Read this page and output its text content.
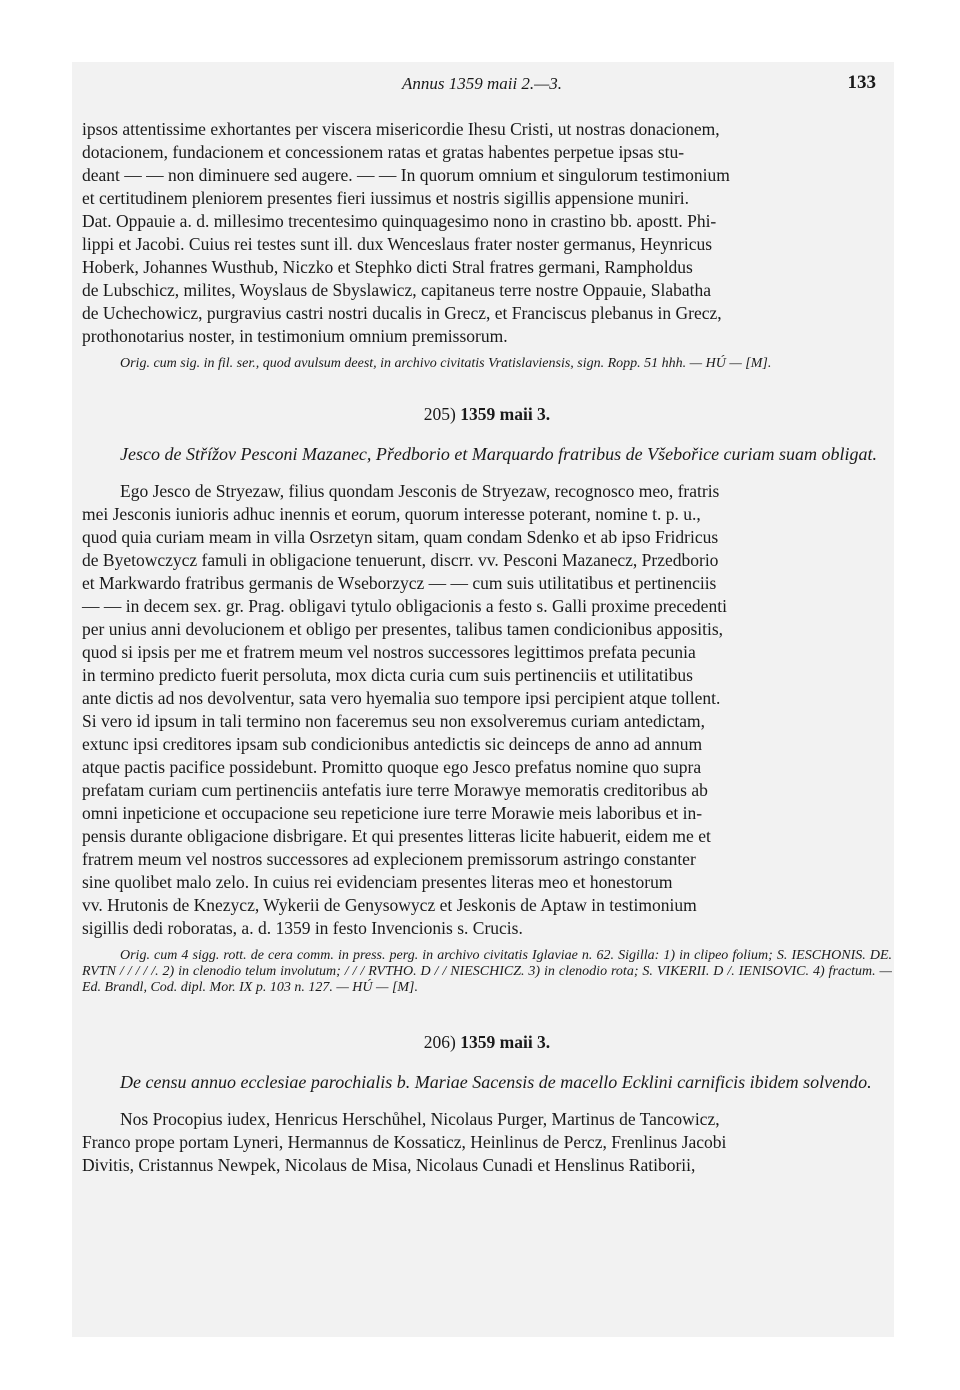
Annus 1359 maii 2.—3.	133

ipsos attentissime exhortantes per viscera misericordie Ihesu Cristi, ut nostras donacionem,

dotacionem, fundacionem et concessionem ratas et gratas habentes perpetue ipsas stu-

deant — — non diminuere sed augere. — — In quorum omnium et singulorum testimonium

et certitudinem pleniorem presentes fieri iussimus et nostris sigillis appensione muniri.

Dat. Oppauie a. d. millesimo trecentesimo quinquagesimo nono in crastino bb. apostt. Phi-

lippi et Jacobi. Cuius rei testes sunt ill. dux Wenceslaus frater noster germanus, Heynricus

Hoberk, Johannes Wusthub, Niczko et Stephko dicti Stral fratres germani, Rampholdus

de Lubschicz, milites, Woyslaus de Sbyslawicz, capitaneus terre nostre Oppauie, Slabatha

de Uchechowicz, purgravius castri nostri ducalis in Grecz, et Franciscus plebanus in Grecz,

prothonotarius noster, in testimonium omnium premissorum.

Orig. cum sig. in fil. ser., quod avulsum deest, in archivo civitatis Vratislaviensis, sign. Ropp. 51 hhh. — HÚ — [M].

205) 1359 maii 3.

Jesco de Střížov Pesconi Mazanec, Předborio et Marquardo fratribus de Všebořice curiam suam obligat.

Ego Jesco de Stryezaw, filius quondam Jesconis de Stryezaw, recognosco meo, fratris

mei Jesconis iunioris adhuc inennis et eorum, quorum interesse poterant, nomine t. p. u.,

quod quia curiam meam in villa Osrzetyn sitam, quam condam Sdenko et ab ipso Fridricus

de Byetowczycz famuli in obligacione tenuerunt, discrr. vv. Pesconi Mazanecz, Przedborio

et Markwardo fratribus germanis de Wseborzycz — — cum suis utilitatibus et pertinenciis

— — in decem sex. gr. Prag. obligavi tytulo obligacionis a festo s. Galli proxime precedenti

per unius anni devolucionem et obligo per presentes, talibus tamen condicionibus appositis,

quod si ipsis per me et fratrem meum vel nostros successores legittimos prefata pecunia

in termino predicto fuerit persoluta, mox dicta curia cum suis pertinenciis et utilitatibus

ante dictis ad nos devolventur, sata vero hyemalia suo tempore ipsi percipient atque tollent.

Si vero id ipsum in tali termino non faceremus seu non exsolveremus curiam antedictam,

extunc ipsi creditores ipsam sub condicionibus antedictis sic deinceps de anno ad annum

atque pactis pacifice possidebunt. Promitto quoque ego Jesco prefatus nomine quo supra

prefatam curiam cum pertinenciis antefatis iure terre Morawye memoratis creditoribus ab

omni inpeticione et occupacione seu repeticione iure terre Morawie meis laboribus et in-

pensis durante obligacione disbrigare. Et qui presentes litteras licite habuerit, eidem me et

fratrem meum vel nostros successores ad explecionem premissorum astringo constanter

sine quolibet malo zelo. In cuius rei evidenciam presentes literas meo et honestorum

vv. Hrutonis de Knezycz, Wykerii de Genysowycz et Jeskonis de Aptaw in testimonium

sigillis dedi roboratas, a. d. 1359 in festo Invencionis s. Crucis.

Orig. cum 4 sigg. rott. de cera comm. in press. perg. in archivo civitatis Iglaviae n. 62. Sigilla: 1) in clipeo folium; S. IESCHONIS. DE. RVTN / / / / /. 2) in clenodio telum involutum; / / / RVTHO. D / / NIESCHICZ. 3) in clenodio rota; S. VIKERII. D /. IENISOVIC. 4) fractum. — Ed. Brandl, Cod. dipl. Mor. IX p. 103 n. 127. — HÚ — [M].

206) 1359 maii 3.

De censu annuo ecclesiae parochialis b. Mariae Sacensis de macello Ecklini carnificis ibidem solvendo.

Nos Procopius iudex, Henricus Herschůhel, Nicolaus Purger, Martinus de Tancowicz,

Franco prope portam Lyneri, Hermannus de Kossaticz, Heinlinus de Percz, Frenlinus Jacobi

Divitis, Cristannus Newpek, Nicolaus de Misa, Nicolaus Cunadi et Henslinus Ratiborii,
